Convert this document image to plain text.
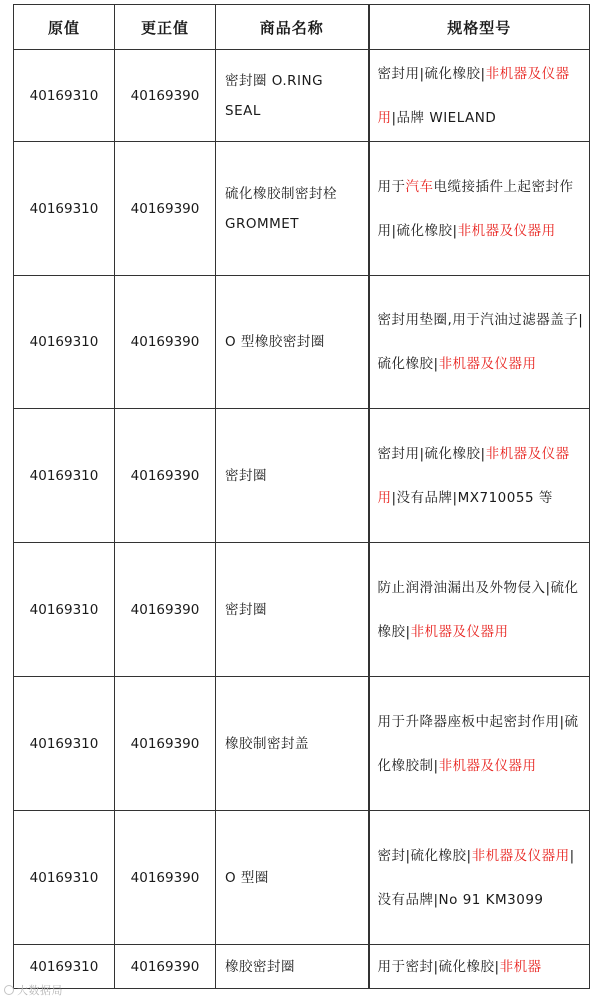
原值	更正值	商品名称	规格型号
40169310	40169390	密封圈 O.RING SEAL	密封用|硫化橡胶|非机器及仪器用|品牌 WIELAND
40169310	40169390	硫化橡胶制密封栓 GROMMET	用于汽车电缆接插件上起密封作用|硫化橡胶|非机器及仪器用
40169310	40169390	O 型橡胶密封圈	密封用垫圈,用于汽油过滤器盖子|硫化橡胶|非机器及仪器用
40169310	40169390	密封圈	密封用|硫化橡胶|非机器及仪器用|没有品牌|MX710055 等
40169310	40169390	密封圈	防止润滑油漏出及外物侵入|硫化橡胶|非机器及仪器用
40169310	40169390	橡胶制密封盖	用于升降器座板中起密封作用|硫化橡胶制|非机器及仪器用
40169310	40169390	O 型圈	密封|硫化橡胶|非机器及仪器用|没有品牌|No 91 KM3099
40169310	40169390	橡胶密封圈	用于密封|硫化橡胶|非机器
大数据局
